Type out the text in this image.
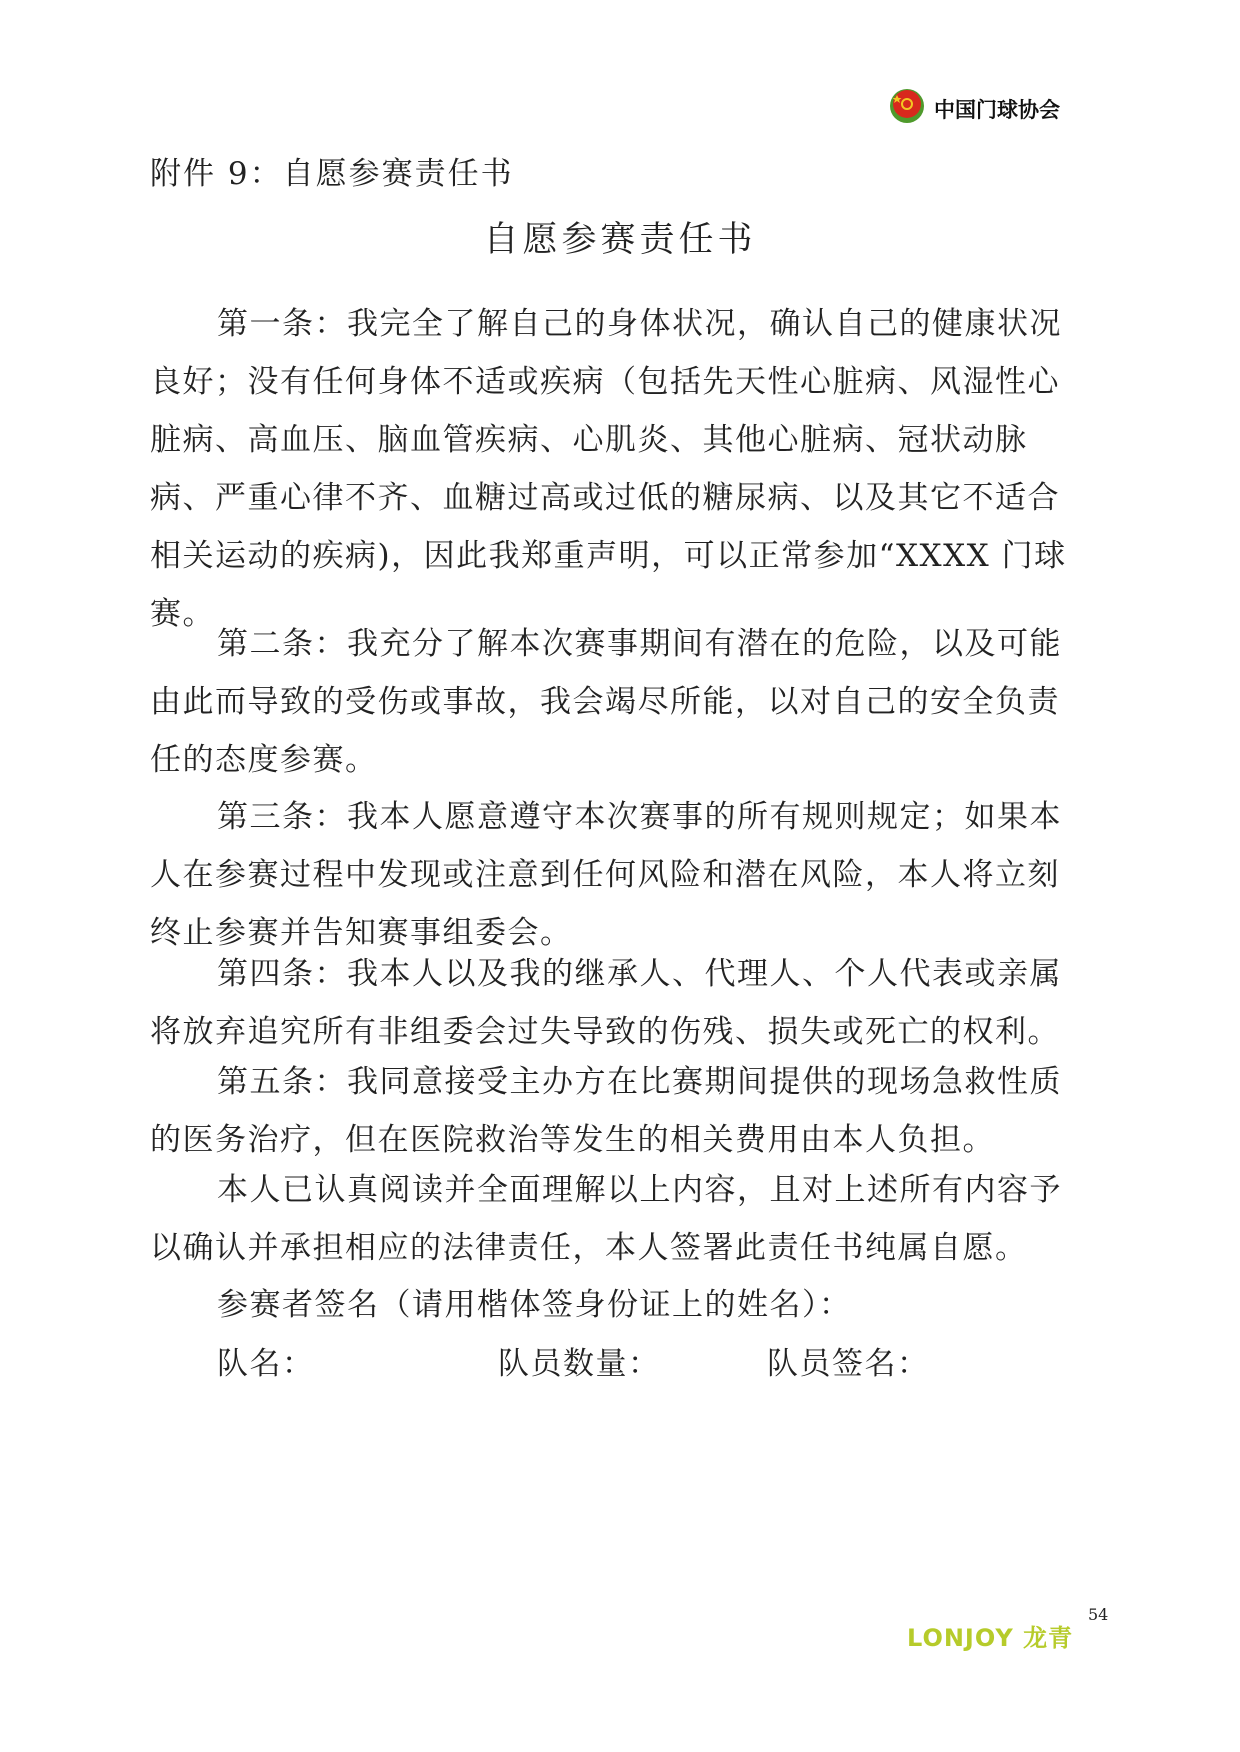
中国门球协会
附件 9：自愿参赛责任书
自愿参赛责任书

第一条：我完全了解自己的身体状况，确认自己的健康状况良好；没有任何身体不适或疾病（包括先天性心脏病、风湿性心脏病、高血压、脑血管疾病、心肌炎、其他心脏病、冠状动脉病、严重心律不齐、血糖过高或过低的糖尿病、以及其它不适合相关运动的疾病)，因此我郑重声明，可以正常参加“XXXX 门球赛。

第二条：我充分了解本次赛事期间有潜在的危险，以及可能由此而导致的受伤或事故，我会竭尽所能，以对自己的安全负责任的态度参赛。

第三条：我本人愿意遵守本次赛事的所有规则规定；如果本人在参赛过程中发现或注意到任何风险和潜在风险，本人将立刻终止参赛并告知赛事组委会。

第四条：我本人以及我的继承人、代理人、个人代表或亲属将放弃追究所有非组委会过失导致的伤残、损失或死亡的权利。

第五条：我同意接受主办方在比赛期间提供的现场急救性质的医务治疗，但在医院救治等发生的相关费用由本人负担。

本人已认真阅读并全面理解以上内容，且对上述所有内容予以确认并承担相应的法律责任，本人签署此责任书纯属自愿。

参赛者签名（请用楷体签身份证上的姓名）：

队名：	队员数量：	队员签名：

LONJOY 龙青
54
